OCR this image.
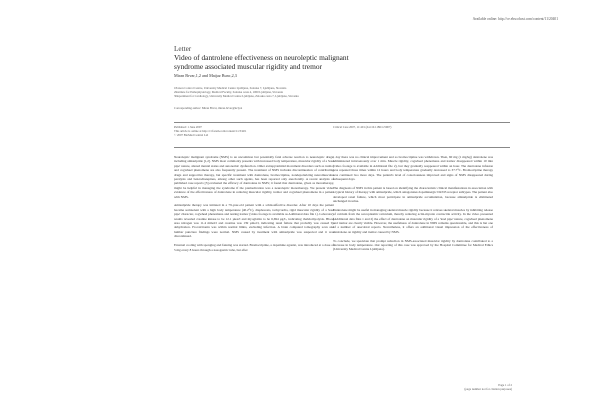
Available online: http://ce.ebscohost.com/content/11/20401
Letter
Video of dantrolene effectiveness on neuroleptic malignant
syndrome associated muscular rigidity and tremor
Miran Brvar,1,2 and Matjaz Bunc,2,3
1Poison Control Centre, University Medical Centre Ljubljana, Zaloska 7, Ljubljana, Slovenia
2Institute for Pathophysiology, Medical Faculty, Zaloska cesta 4, 1000 Ljubljana, Slovenia
3Department for Cardiology, University Medical Centre Ljubljana, Zaloska cesta 7, Ljubljana, Slovenia
Corresponding author: Miran Brvar, miran.brvar@kclj.si
Published: 1 June 2007
This article is online at http://ccforum.com/content/11/3/401
© 2007 BioMed Central Ltd
Critical Care 2007, 11:401 (doi:10.1186/cc5907)

Neuroleptic malignant syndrome (NMS) is an uncommon but potentially fatal adverse reaction to neuroleptic drugs, including amisulpride [1,2]. NMS most commonly presents with increased body temperature, muscular rigidity of a 'lead pipe' nature, altered mental status and autonomic dysfunction. Other extrapyramidal movement disorders such as tremor and cogwheel phenomena are also frequently present. The treatment of NMS includes discontinuation of contributing drugs and supportive therapy, but specific treatment with dantrolene, bromocriptine, nondepolarizing neuromuscular paralysis and benzodiazepines, among other such agents, has been reported only anecdotally. A recent analysis of published case reports [3] evaluated the efficacy of dantrolene in NMS; it found that dantrolene, given as monotherapy, might be helpful in managing the syndrome if the premedication was a neuroleptic monotherapy. We present video evidence of the effectiveness of dantrolene in reducing muscular rigidity, tremor and cogwheel phenomena in a patient with NMS.

Amisulpride therapy was initiated in a 79-year-old patient with a schizoaffective disorder. After 10 days the patient became somnolent with a high body temperature (40.2°C), diaphoresis, tachycardia, rigid muscular rigidity of a 'lead pipe' character, cogwheel phenomena and resting tremor (video footage is available as Additional data file 1). Laboratory results revealed creatine kinase to be 12.1 µkat/l and myoglobin to be 6,694 µg/L, indicating rhabdomyolysis. Blood urea nitrogen was 11.4 mmol/l and creatine was 139 µmol/l, indicating renal failure that probably was caused by dehydration. Procalcitonin was within normal limits, excluding infection. A brain computed tomography scan and lumbar puncture findings were normal. NMS caused by treatment with amisulpride was suspected and it was discontinued.

External cooling with sponging and fanning was started. Bromocriptine, a dopamine agonist, was introduced at a dose of 5 mg every 8 hours through a nasogastric tube, but after

1 day there was no clinical improvement and so bromocriptine was withdrawn. Then, 60 mg (1 mg/kg) dantrolene was administered intravenously over 1 min. Muscle rigidity, cogwheel phenomena and tremor disappeared within 10 min (video footage is available in Additional file 2), but they gradually reappeared within an hour. The dantrolene infusion was repeated three times within 12 hours and body temperature gradually decreased to 37.7°C. Bromocriptine therapy was continued two more days. The patient's level of consciousness improved and signs of NMS disappeared during subsequent days.

The diagnosis of NMS in this patient is based on identifying the characteristic clinical manifestations in association with a typical history of therapy with amisulpride, which antagonizes dopaminergic D2/D3 receptor subtypes. The patient also developed renal failure, which most participate in amisulpride accumulation, because amisulpride is eliminated unchanged in urine.

Dantrolene might be useful in managing skeletal muscle rigidity because it relaxes skeletal muscles by inhibiting release of calcium from the sarcoplasmic reticulum, thereby reducing actin-myosin contractile activity. In the video presented (Additional data files 1 and 2) the effect of dantrolene on muscular rigidity of a 'lead pipe' nature, cogwheel phenomena and tremor are clearly visible. However, the usefulness of dantrolene in NMS remains questionable, and this is but one of a number of anecdotal reports. Nevertheless, it offers an additional visual impression of the effectiveness of dantrolene on rigidity and tremor caused by NMS.

To conclude, we speculate that prompt reduction in NMS-associated muscular rigidity by dantrolene contributed to a decrease in body temperature. Our reporting of this case was approved by the Hospital Committee for Medical Ethics (University Medical Centre Ljubljana).

Page 1 of 2
(page number not for citation purposes)
